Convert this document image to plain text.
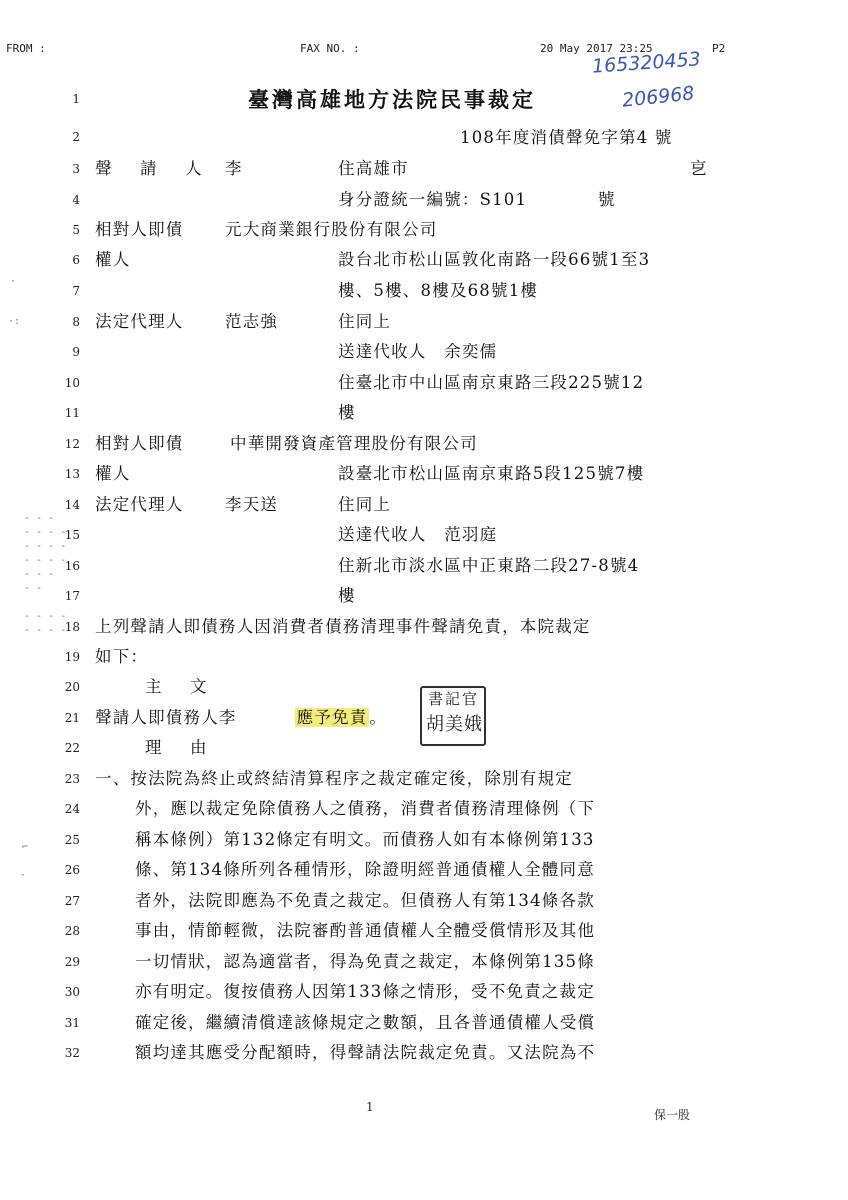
FROM :	FAX NO. :	20 May 2017 23:25	P2
165320453
206968
·
·:
‐ ‐ ‐
‐ ‐ ‐ ‐
‐ ‐ ‐ ‐
‐ ‐ ‐ ‐
‐ ‐ ‐
‐ ‐

‐ ‐ ‐ ‐
‐ ‐ ‐ ‐
⌐
·
1
2
3
4
5
6
7
8
9
10
11
12
13
14
15
16
17
18
19
20
21
22
23
24
25
26
27
28
29
30
31
32
臺灣高雄地方法院民事裁定
108年度消債聲免字第4 號
聲　請　人 李	住高雄市	㐔
身分證統一編號：S101　　　　號
相對人即債	元大商業銀行股份有限公司
權人	設台北市松山區敦化南路一段66號1至3
樓、5樓、8樓及68號1樓
法定代理人	范志強	住同上
送達代收人　余奕儒
住臺北市中山區南京東路三段225號12
樓
相對人即債	中華開發資產管理股份有限公司
權人	設臺北市松山區南京東路5段125號7樓
法定代理人	李天送	住同上
送達代收人　范羽庭
住新北市淡水區中正東路二段27-8號4
樓
上列聲請人即債務人因消費者債務清理事件聲請免責，本院裁定
如下：
主　文
聲請人即債務人李	應予免責 。
書記官
胡美娥
理　由
一、按法院為終止或終結清算程序之裁定確定後，除別有規定
外，應以裁定免除債務人之債務，消費者債務清理條例（下
稱本條例）第132條定有明文。而債務人如有本條例第133
條、第134條所列各種情形，除證明經普通債權人全體同意
者外，法院即應為不免責之裁定。但債務人有第134條各款
事由，情節輕微，法院審酌普通債權人全體受償情形及其他
一切情狀，認為適當者，得為免責之裁定，本條例第135條
亦有明定。復按債務人因第133條之情形，受不免責之裁定
確定後，繼續清償達該條規定之數額，且各普通債權人受償
額均達其應受分配額時，得聲請法院裁定免責。又法院為不
1
保一股
